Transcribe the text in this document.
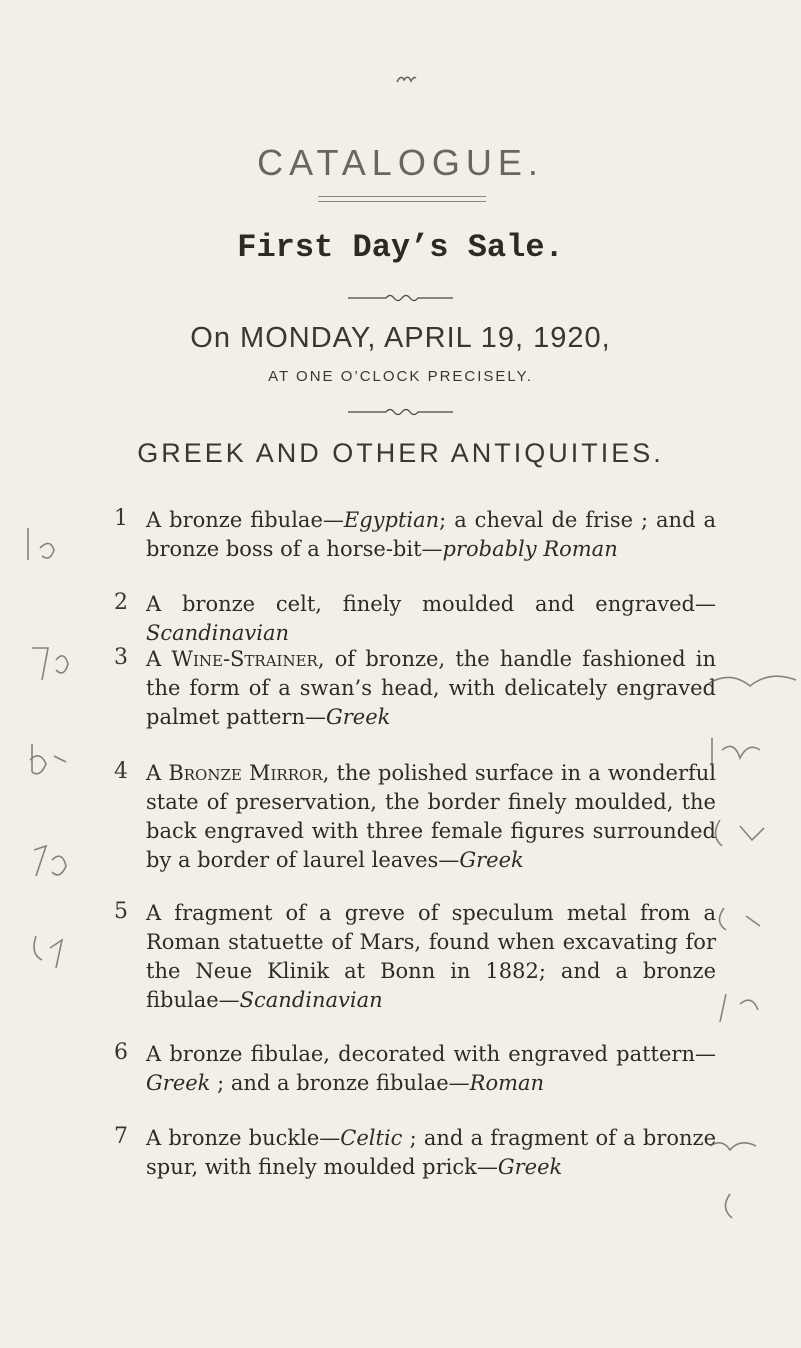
CATALOGUE.
First Day’s Sale.
On MONDAY, APRIL 19, 1920,
AT ONE O’CLOCK PRECISELY.
GREEK AND OTHER ANTIQUITIES.
1 A bronze fibulae—Egyptian; a cheval de frise ; and a bronze boss of a horse-bit—probably Roman
2 A bronze celt, finely moulded and engraved—Scandinavian
3 A Wine-Strainer, of bronze, the handle fashioned in the form of a swan’s head, with delicately engraved palmet pattern—Greek
4 A Bronze Mirror, the polished surface in a wonderful state of preservation, the border finely moulded, the back engraved with three female figures surrounded by a border of laurel leaves—Greek
5 A fragment of a greve of speculum metal from a Roman statuette of Mars, found when excavating for the Neue Klinik at Bonn in 1882; and a bronze fibulae—Scandinavian
6 A bronze fibulae, decorated with engraved pattern—Greek ; and a bronze fibulae—Roman
7 A bronze buckle—Celtic ; and a fragment of a bronze spur, with finely moulded prick—Greek
